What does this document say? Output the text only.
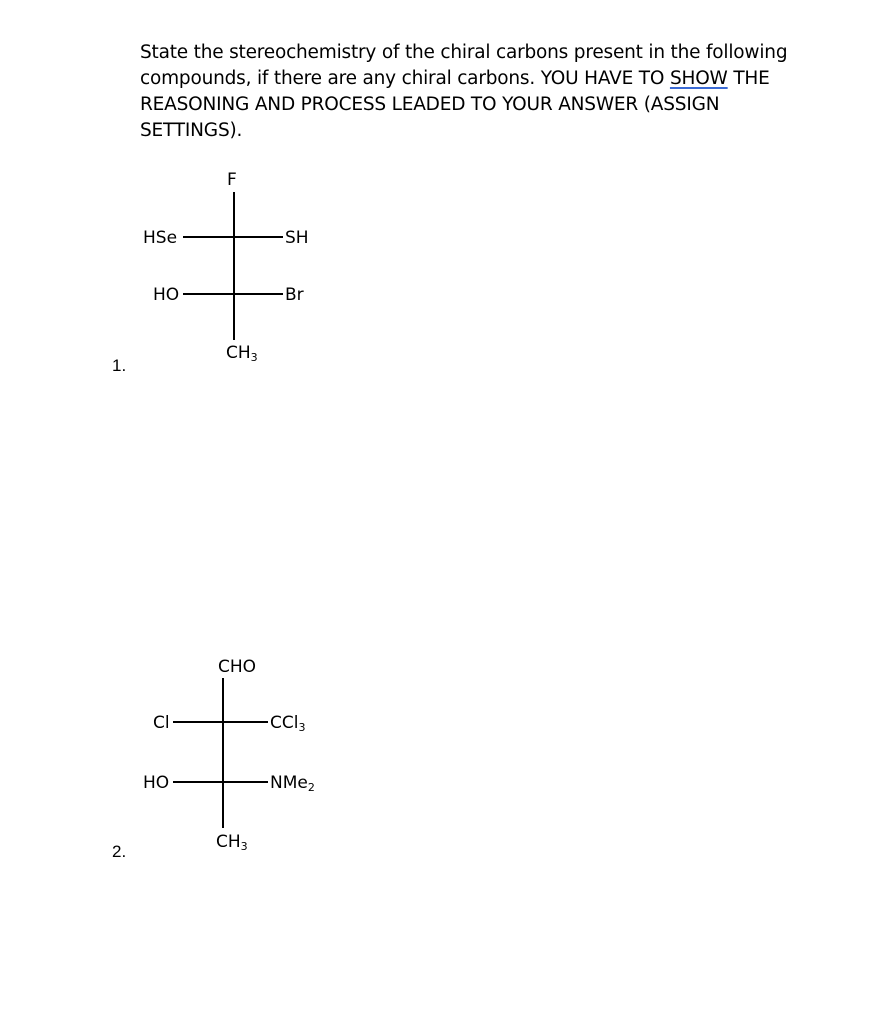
State the stereochemistry of the chiral carbons present in the following compounds, if there are any chiral carbons. YOU HAVE TO SHOW THE REASONING AND PROCESS LEADED TO YOUR ANSWER (ASSIGN SETTINGS).
1.
F
HSe	SH
HO	Br
$CH_3$
2.
CHO
Cl	CCl$_3$
HO	NMe$_2$
$CH_3$
